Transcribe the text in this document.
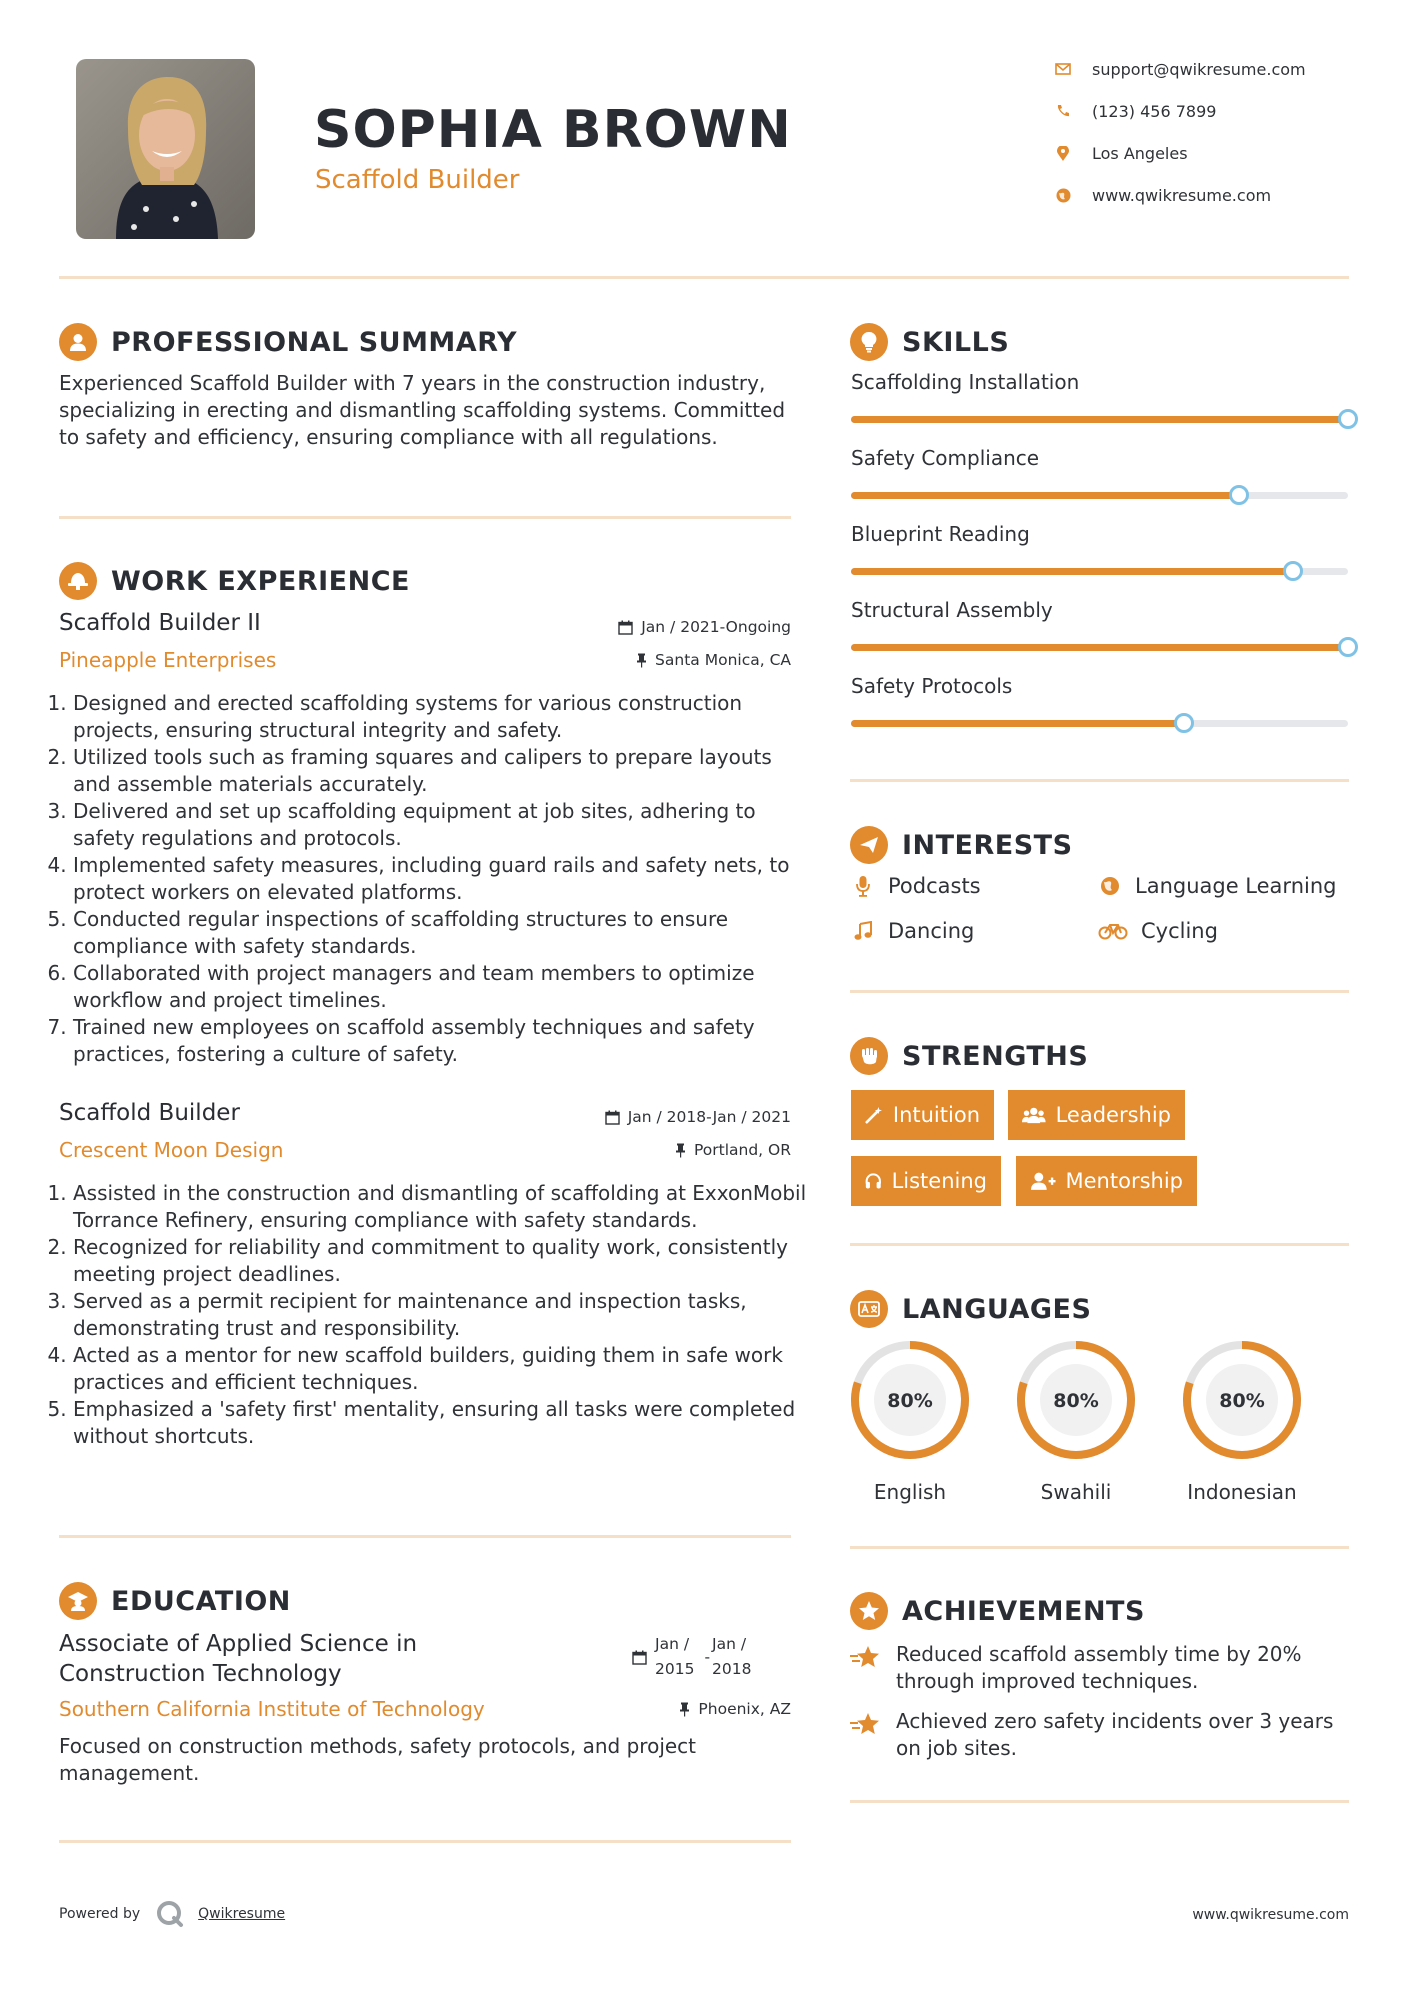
SOPHIA BROWN
Scaffold Builder
support@qwikresume.com
(123) 456 7899
Los Angeles
www.qwikresume.com
PROFESSIONAL SUMMARY
Experienced Scaffold Builder with 7 years in the construction industry, specializing in erecting and dismantling scaffolding systems. Committed to safety and efficiency, ensuring compliance with all regulations.
WORK EXPERIENCE
Scaffold Builder II	Jan / 2021-Ongoing
Pineapple Enterprises	Santa Monica, CA
1. Designed and erected scaffolding systems for various construction projects, ensuring structural integrity and safety.
2. Utilized tools such as framing squares and calipers to prepare layouts and assemble materials accurately.
3. Delivered and set up scaffolding equipment at job sites, adhering to safety regulations and protocols.
4. Implemented safety measures, including guard rails and safety nets, to protect workers on elevated platforms.
5. Conducted regular inspections of scaffolding structures to ensure compliance with safety standards.
6. Collaborated with project managers and team members to optimize workflow and project timelines.
7. Trained new employees on scaffold assembly techniques and safety practices, fostering a culture of safety.
Scaffold Builder	Jan / 2018-Jan / 2021
Crescent Moon Design	Portland, OR
1. Assisted in the construction and dismantling of scaffolding at ExxonMobil Torrance Refinery, ensuring compliance with safety standards.
2. Recognized for reliability and commitment to quality work, consistently meeting project deadlines.
3. Served as a permit recipient for maintenance and inspection tasks, demonstrating trust and responsibility.
4. Acted as a mentor for new scaffold builders, guiding them in safe work practices and efficient techniques.
5. Emphasized a 'safety first' mentality, ensuring all tasks were completed without shortcuts.
EDUCATION
Associate of Applied Science in
Construction Technology
Jan /
2015
-
Jan /
2018
Southern California Institute of Technology	Phoenix, AZ
Focused on construction methods, safety protocols, and project management.
SKILLS
Scaffolding Installation
Safety Compliance
Blueprint Reading
Structural Assembly
Safety Protocols
INTERESTS
Podcasts	Language Learning
Dancing	Cycling
STRENGTHS
Intuition	Leadership
Listening	Mentorship
LANGUAGES
80%
English
80%
Swahili
80%
Indonesian
ACHIEVEMENTS
Reduced scaffold assembly time by 20% through improved techniques.
Achieved zero safety incidents over 3 years on job sites.
Powered by	Qwikresume	www.qwikresume.com
